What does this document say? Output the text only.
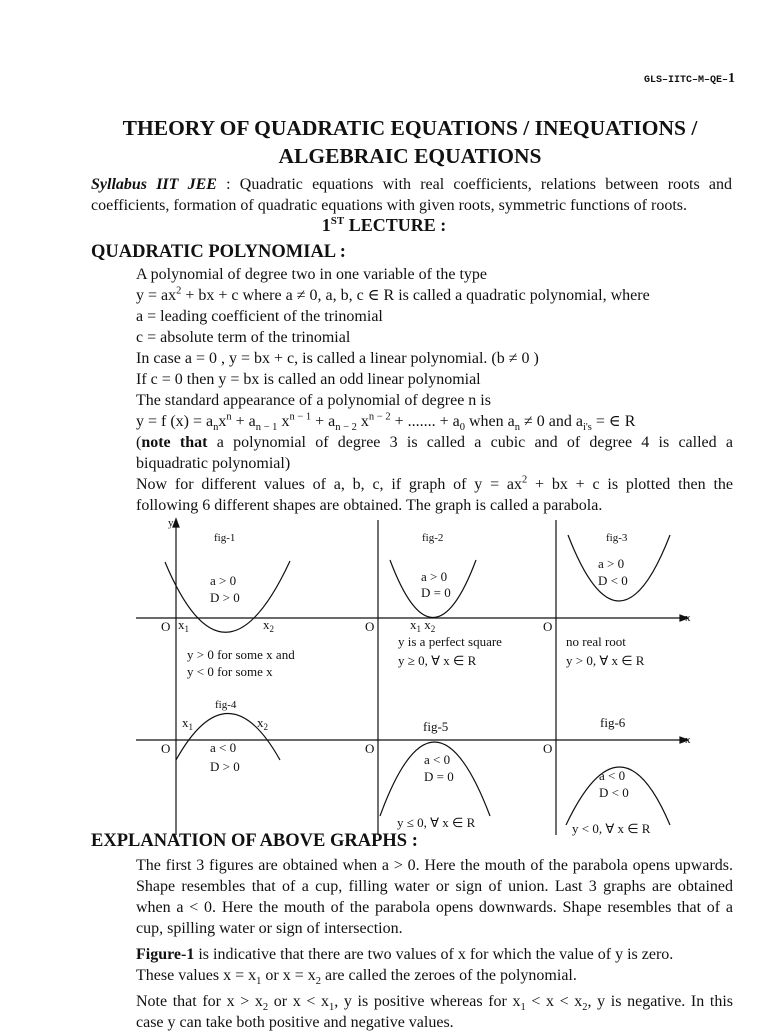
GLS–IITC–M–QE–1
THEORY OF QUADRATIC EQUATIONS / INEQUATIONS /
ALGEBRAIC EQUATIONS
Syllabus IIT JEE : Quadratic equations with real coefficients, relations between roots and coefficients, formation of quadratic equations with given roots, symmetric functions of roots.
1ST LECTURE :
QUADRATIC POLYNOMIAL :
A polynomial of degree two in one variable of the type
$y = ax^2$ + bx + c where a ≠ 0, a, b, c ∈ R is called a quadratic polynomial, where
a = leading coefficient of the trinomial
c = absolute term of the trinomial
In case a = 0 , y = bx + c, is called a linear polynomial. (b ≠ 0 )
If c = 0 then y = bx is called an odd linear polynomial
The standard appearance of a polynomial of degree n is
y = f $(x) = a_nx^n + a_{n - 1}$ $x^{n - 1} + a_{n - 2}$ $x^{n - 2}$ + ....... + $a_0$ when $a_n \ne 0$ and $a_{i's}$ = ∈ R
(note that a polynomial of degree 3 is called a cubic and of degree 4 is called a
biquadratic polynomial)
Now for different values of a, b, c, if graph of $y = ax^2$ + bx + c is plotted then the
following 6 different shapes are obtained. The graph is called a parabola.
y
x
x
O	O	O
O	O	O
fig-1
a > 0
D > 0
$x_1$	$x_2$
y > 0 for some x and
y < 0 for some x
fig-2
a > 0
D = 0
$x_1$ $x_2$
y is a perfect square
y ≥ 0, ∀ x ∈ R
fig-3
a > 0
D < 0
no real root
y > 0, ∀ x ∈ R
fig-4
$x_1$	$x_2$
a < 0
D > 0
fig-5
a < 0
D = 0
y ≤ 0, ∀ x ∈ R
fig-6
a < 0
D < 0
y < 0, ∀ x ∈ R
EXPLANATION OF ABOVE GRAPHS :
The first 3 figures are obtained when a > 0. Here the mouth of the parabola opens upwards. Shape resembles that of a cup, filling water or sign of union. Last 3 graphs are obtained when a < 0. Here the mouth of the parabola opens downwards. Shape resembles that of a cup, spilling water or sign of intersection.
Figure-1 is indicative that there are two values of x for which the value of y is zero.
These values $x = x_1$ or $x = x_2$ are called the zeroes of the polynomial.
Note that for $x > x_2$ or $x < x_1$, y is positive whereas for $x_1 < x < x_2$, y is negative. In this
case y can take both positive and negative values.
